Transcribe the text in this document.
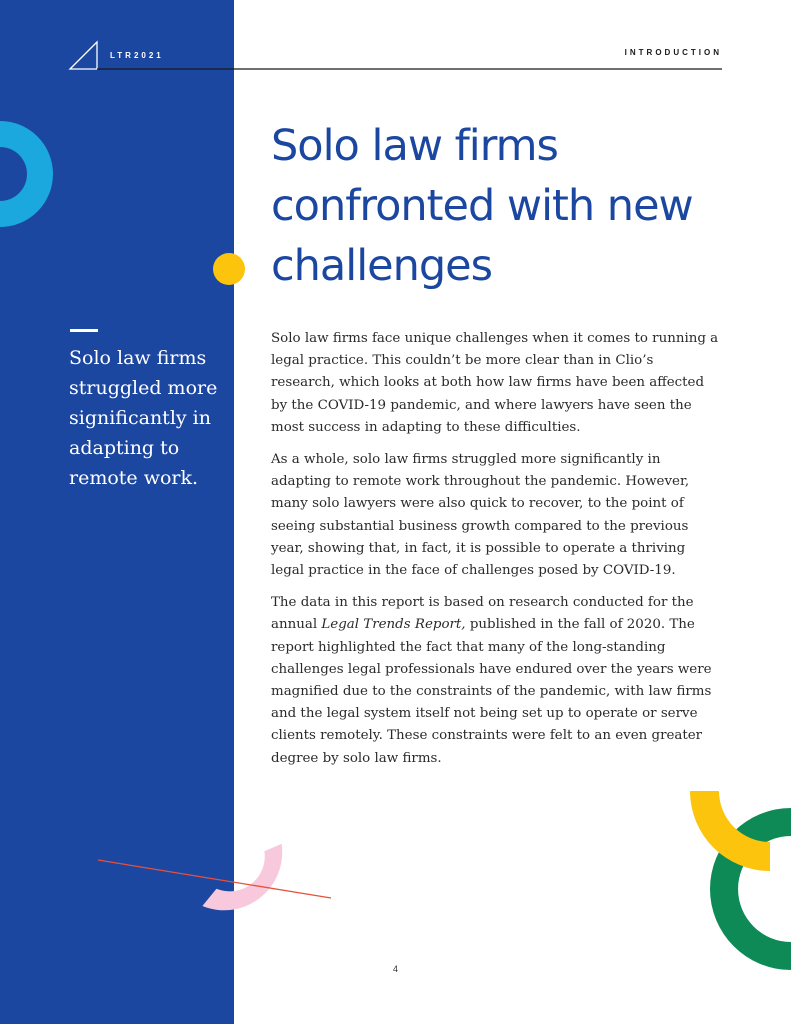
LTR2021	INTRODUCTION
Solo law firms confronted with new challenges

Solo law firms struggled more significantly in adapting to remote work.

Solo law firms face unique challenges when it comes to running a legal practice. This couldn’t be more clear than in Clio’s research, which looks at both how law firms have been affected by the COVID-19 pandemic, and where lawyers have seen the most success in adapting to these difficulties.

As a whole, solo law firms struggled more significantly in adapting to remote work throughout the pandemic. However, many solo lawyers were also quick to recover, to the point of seeing substantial business growth compared to the previous year, showing that, in fact, it is possible to operate a thriving legal practice in the face of challenges posed by COVID-19.

The data in this report is based on research conducted for the annual Legal Trends Report, published in the fall of 2020. The report highlighted the fact that many of the long-standing challenges legal professionals have endured over the years were magnified due to the constraints of the pandemic, with law firms and the legal system itself not being set up to operate or serve clients remotely. These constraints were felt to an even greater degree by solo law firms.

4
